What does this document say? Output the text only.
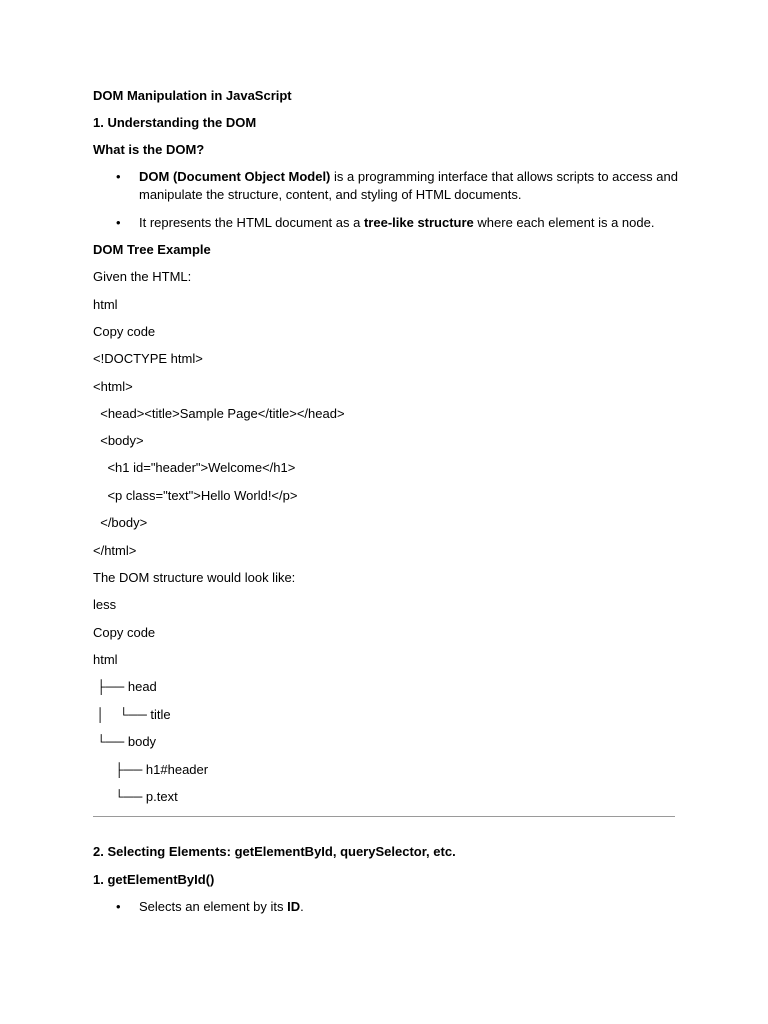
DOM Manipulation in JavaScript
1. Understanding the DOM
What is the DOM?
• DOM (Document Object Model) is a programming interface that allows scripts to access and manipulate the structure, content, and styling of HTML documents.
• It represents the HTML document as a tree-like structure where each element is a node.
DOM Tree Example
Given the HTML:
html
Copy code
<!DOCTYPE html>
<html>
<head><title>Sample Page</title></head>
<body>
<h1 id="header">Welcome</h1>
<p class="text">Hello World!</p>
</body>
</html>
The DOM structure would look like:
less
Copy code
html
├── head
│    └── title
└── body
├── h1#header
└── p.text
2. Selecting Elements: getElementById, querySelector, etc.
1. getElementById()
• Selects an element by its ID.
